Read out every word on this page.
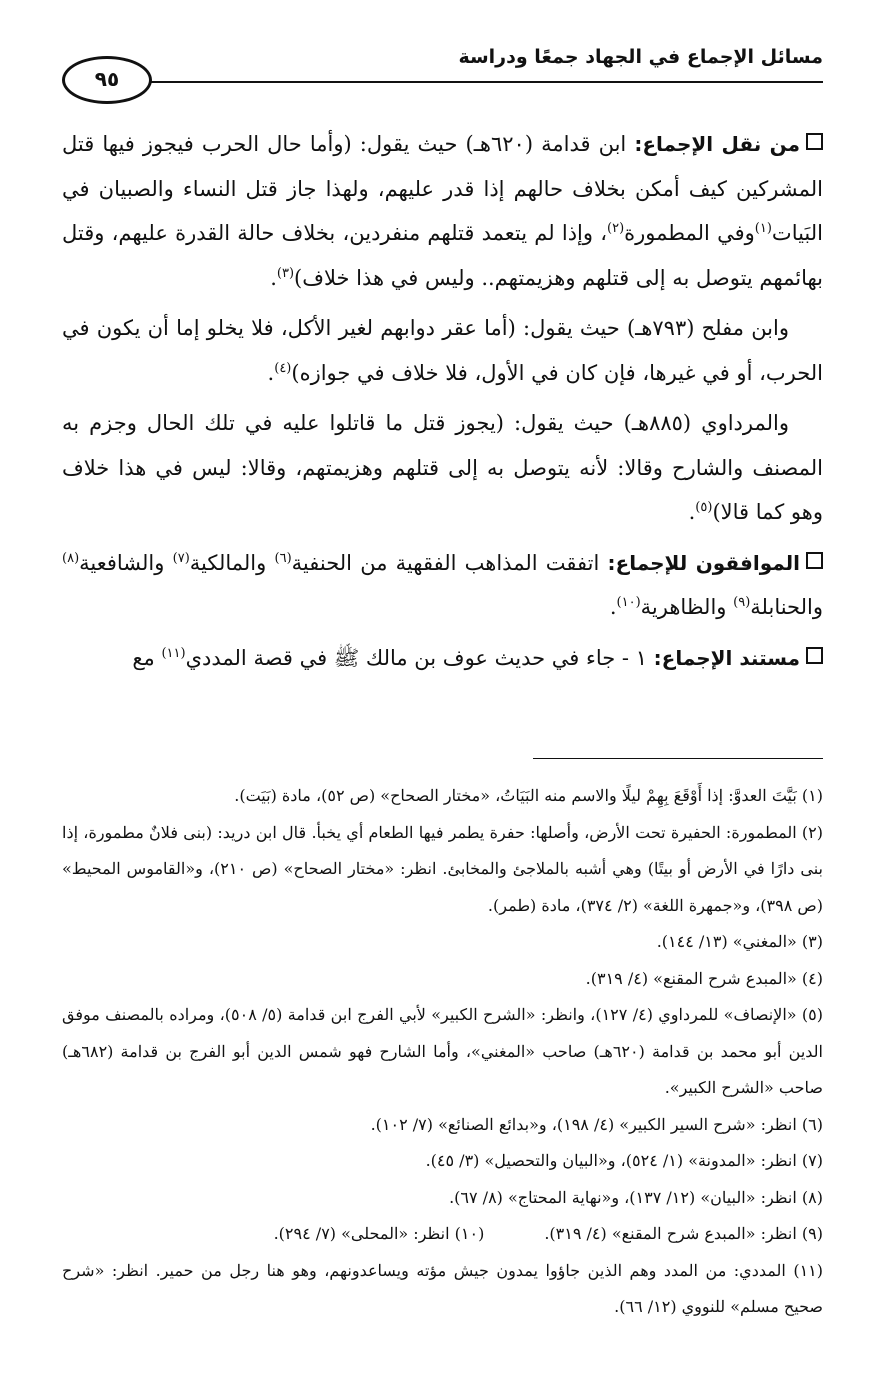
مسائل الإجماع في الجهاد جمعًا ودراسة
٩٥

من نقل الإجماع: ابن قدامة (٦٢٠هـ) حيث يقول: (وأما حال الحرب فيجوز فيها قتل المشركين كيف أمكن بخلاف حالهم إذا قدر عليهم، ولهذا جاز قتل النساء والصبيان في البَيات$^{(١)}$وفي المطمورة$^{(٢)}$، وإذا لم يتعمد قتلهم منفردين، بخلاف حالة القدرة عليهم، وقتل بهائمهم يتوصل به إلى قتلهم وهزيمتهم.. وليس في هذا خلاف)$^{(٣)}$.

وابن مفلح (٧٩٣هـ) حيث يقول: (أما عقر دوابهم لغير الأكل، فلا يخلو إما أن يكون في الحرب، أو في غيرها، فإن كان في الأول، فلا خلاف في جوازه)$^{(٤)}$.

والمرداوي (٨٨٥هـ) حيث يقول: (يجوز قتل ما قاتلوا عليه في تلك الحال وجزم به المصنف والشارح وقالا: لأنه يتوصل به إلى قتلهم وهزيمتهم، وقالا: ليس في هذا خلاف وهو كما قالا)$^{(٥)}$.

الموافقون للإجماع: اتفقت المذاهب الفقهية من الحنفية$^{(٦)}$ والمالكية$^{(٧)}$ والشافعية$^{(٨)}$ والحنابلة$^{(٩)}$ والظاهرية$^{(١٠)}$.

مستند الإجماع: ١ - جاء في حديث عوف بن مالك ﷺ في قصة المددي$^{(١١)}$ مع

(١) بَيَّتَ العدوَّ: إذا أَوْقَعَ بِهِمْ ليلًا والاسم منه البَيَاتُ، «مختار الصحاح» (ص ٥٢)، مادة (بَيَت).

(٢) المطمورة: الحفيرة تحت الأرض، وأصلها: حفرة يطمر فيها الطعام أي يخبأ. قال ابن دريد: (بنى فلانٌ مطمورة، إذا بنى دارًا في الأرض أو بيتًا) وهي أشبه بالملاجئ والمخابئ. انظر: «مختار الصحاح» (ص ٢١٠)، و«القاموس المحيط» (ص ٣٩٨)، و«جمهرة اللغة» (٢/ ٣٧٤)، مادة (طمر).

(٣) «المغني» (١٣/ ١٤٤).

(٤) «المبدع شرح المقنع» (٤/ ٣١٩).

(٥) «الإنصاف» للمرداوي (٤/ ١٢٧)، وانظر: «الشرح الكبير» لأبي الفرج ابن قدامة (٥/ ٥٠٨)، ومراده بالمصنف موفق الدين أبو محمد بن قدامة (٦٢٠هـ) صاحب «المغني»، وأما الشارح فهو شمس الدين أبو الفرج بن قدامة (٦٨٢هـ) صاحب «الشرح الكبير».

(٦) انظر: «شرح السير الكبير» (٤/ ١٩٨)، و«بدائع الصنائع» (٧/ ١٠٢).

(٧) انظر: «المدونة» (١/ ٥٢٤)، و«البيان والتحصيل» (٣/ ٤٥).

(٨) انظر: «البيان» (١٢/ ١٣٧)، و«نهاية المحتاج» (٨/ ٦٧).

(٩) انظر: «المبدع شرح المقنع» (٤/ ٣١٩).
(١٠) انظر: «المحلى» (٧/ ٢٩٤).

(١١) المددي: من المدد وهم الذين جاؤوا يمدون جيش مؤته ويساعدونهم، وهو هنا رجل من حمير. انظر: «شرح صحيح مسلم» للنووي (١٢/ ٦٦).
